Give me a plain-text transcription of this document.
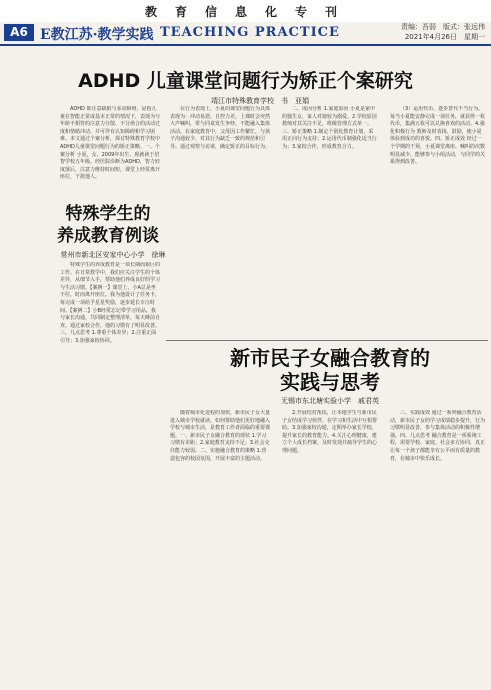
教育信息化专刊
A6 E教江苏·教学实践 TEACHING PRACTICE	责编：吾弱　版式：张远伟
2021年4月26日　星期一
ADHD 儿童课堂问题行为矫正个案研究
靖江市特殊教育学校　书　亚娟

ADHD 即注意缺陷与多动障碍，是指儿童在智能正常或基本正常的情况下，表现为与年龄不相符的注意力分散、不分场合的活动过度和情绪冲动，并可伴有认知障碍和学习困难。本文通过个案分析，探讨特殊教育学校中ADHD儿童课堂问题行为的矫正策略。一、个案分析 小夏，女，2009年出生，现就读于培智学校五年级。经医院诊断为ADHD，智力轻度落后，注意力维持时间短，课堂上经常离开座位，干扰他人。

在行为表现上，小夏的课堂问题行为具体表现为：冲动易怒，自控力差，上课时会突然大声喊叫，常与同桌发生争吵，不能融入集体活动。在家庭教育中，父母因工作繁忙，与孩子沟通较少，对其行为缺乏一致的规范和引导。通过观察与访谈，确定矫正的目标行为。

二、成因分析 1.家庭原因 小夏是家中的独生女，家人对她较为溺爱。2.学校原因 教师对其关注不足，班级管理方式单一。三、矫正策略 1.制定个别化教育计划，采用正向行为支持；2.运用代币制强化适当行为；3.家校合作，形成教育合力。

（3）运用代币，逐步替代不当行为。每当小夏能安静完成一项任务，就获得一枚代币，集满五枚可以兑换喜欢的活动。4.强化积极行为 教师及时表扬、鼓励，使小夏体验到成功的喜悦。四、矫正成效 经过一个学期的干预，小夏课堂离座、喊叫的次数明显减少，能够参与小组活动，与同学的关系得到改善。

特殊学生的
养成教育例谈
常州市新北区安家中心小学　徐琳

特殊学生的养成教育是一项长期而艰巨的工作。在日常教学中，我们应关注学生的个体差异，从细节入手，帮助他们养成良好的学习与生活习惯。【案例一】课堂上，小A总是坐不住，时而离开座位。我为他设计了任务卡，每完成一项给予星星奖励，逐步延长专注时间。【案例二】小B经常忘记带学习用品。我与家长沟通，共同制定整理清单，每天睡前自查。通过家校合作，他的习惯有了明显改善。三、几点思考 1.尊重个体差异；2.注重正面引导；3.加强家校协同。

新市民子女融合教育的
实践与思考
无锡市东北塘实验小学　戚君英

随着城市化进程的加快，新市民子女大量进入城市学校就读。如何帮助他们更好地融入学校与城市生活，是教育工作者面临的重要课题。一、新市民子女融合教育的现状 1.学习习惯有差距；2.家庭教育支持不足；3.社会交往能力较弱。二、实施融合教育的策略 1.营造包容的校园氛围，开展丰富的主题活动。

2.开展结对帮扶，让本地学生与新市民子女结成学习伙伴，在学习和生活中互相帮助。3.加强家校沟通，定期举办家长学校，提升家长的教育能力。4.关注心理健康，建立个人成长档案，及时发现并疏导学生的心理问题。

三、实践成效 通过一系列融合教育活动，新市民子女的学习成绩稳步提升，行为习惯明显改善，参与集体活动的积极性增强。四、几点思考 融合教育是一项系统工程，需要学校、家庭、社会多方协同，真正让每一个孩子都能享有公平而有质量的教育，在城市中快乐成长。
